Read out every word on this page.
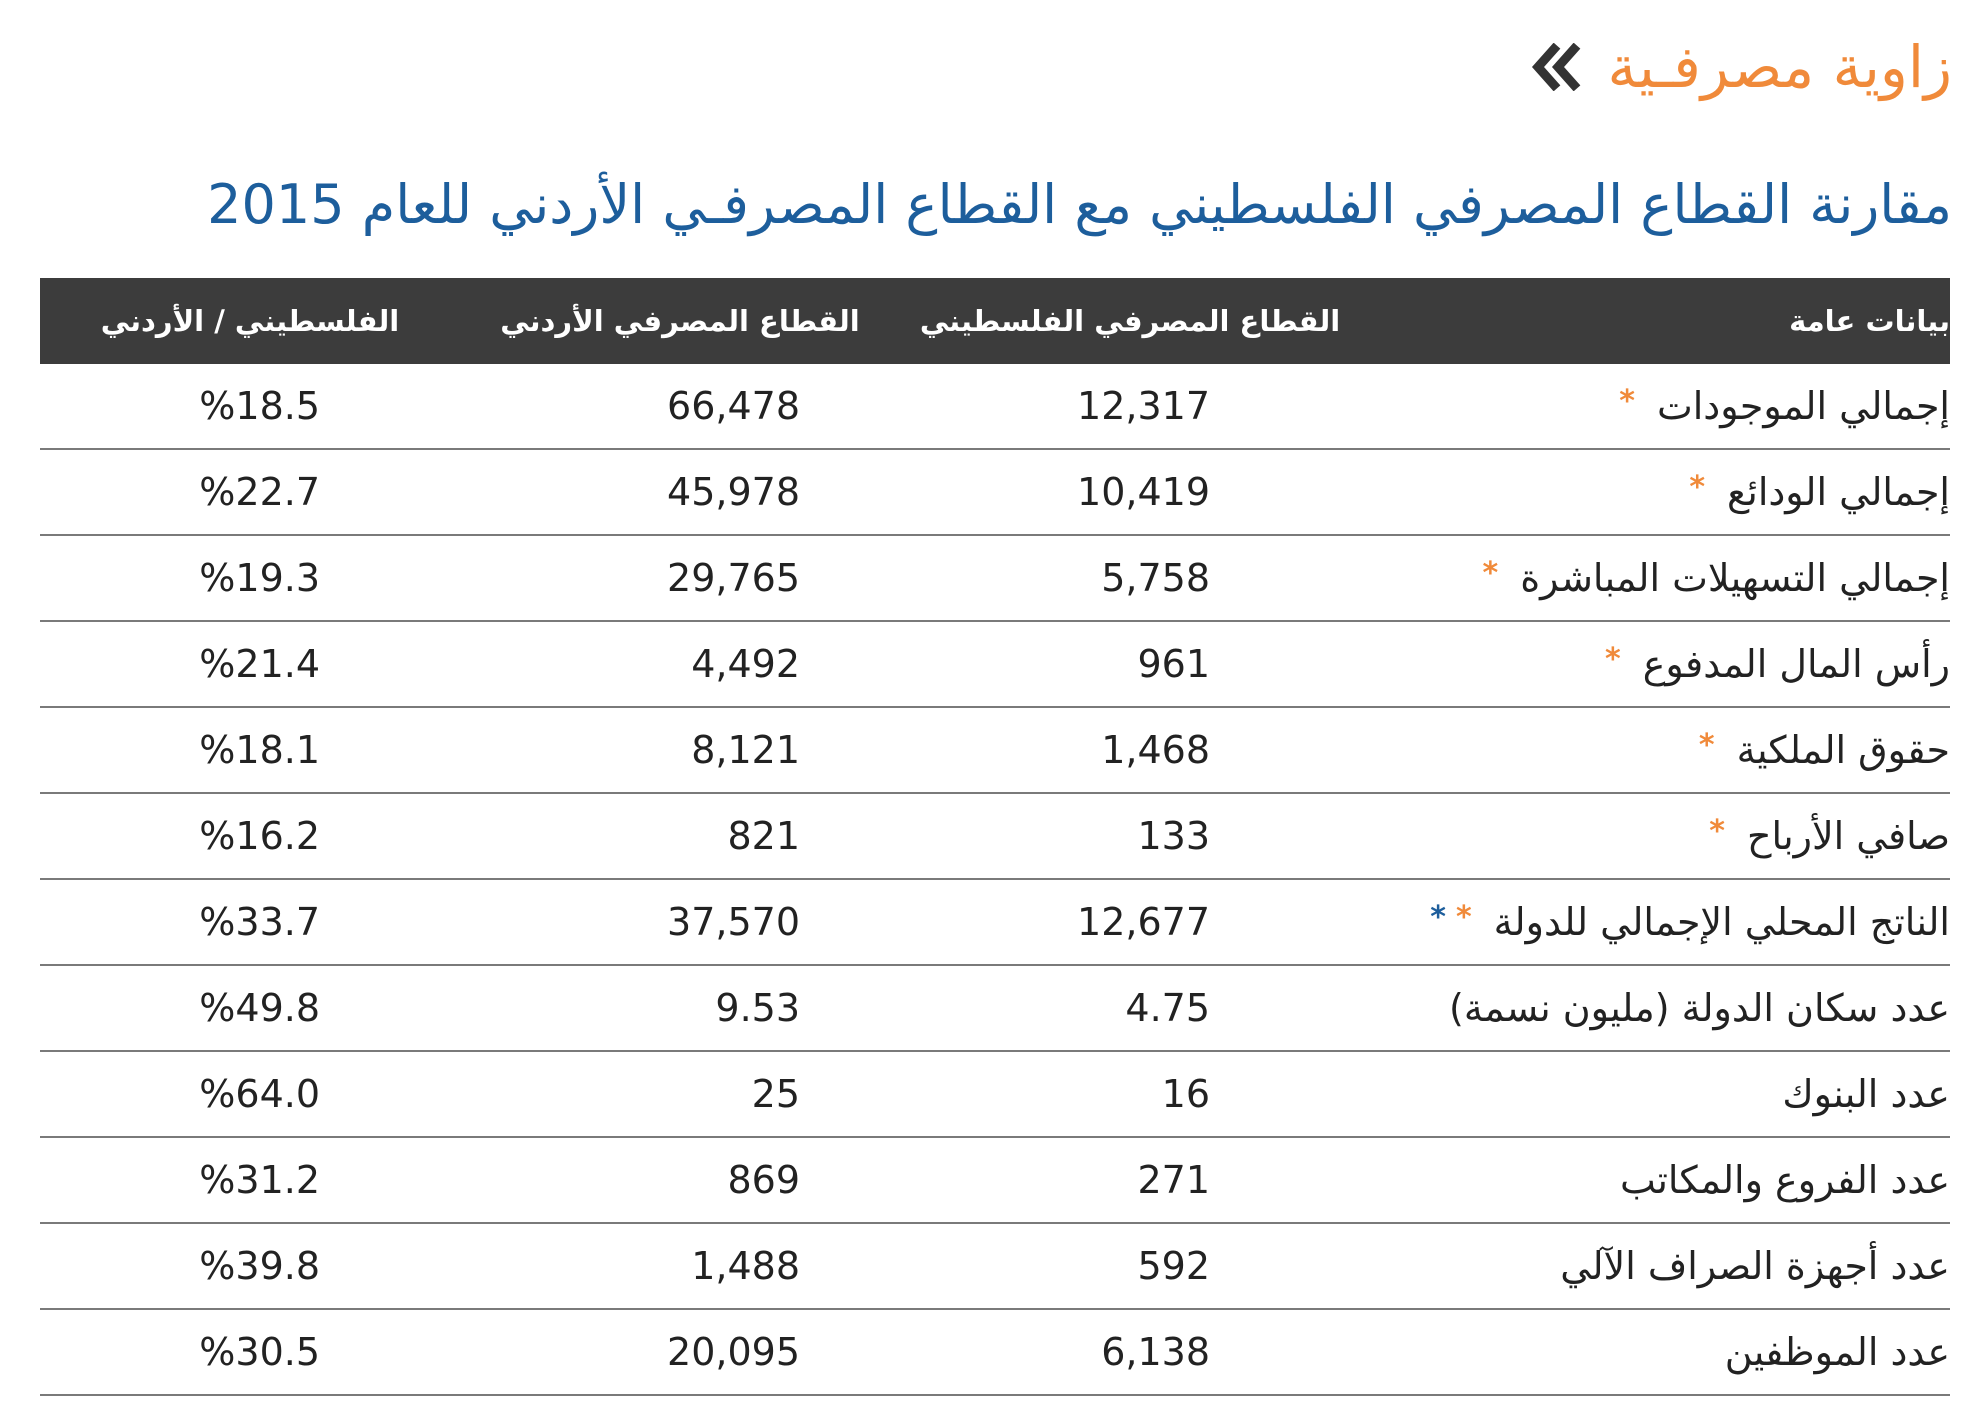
زاوية مصرفـية
مقارنة القطاع المصرفي الفلسطيني مع القطاع المصرفـي الأردني للعام 2015
بيانات عامة	القطاع المصرفي الفلسطيني	القطاع المصرفي الأردني	الفلسطيني / الأردني
إجمالي الموجودات*	12,317	66,478	%18.5
إجمالي الودائع*	10,419	45,978	%22.7
إجمالي التسهيلات المباشرة*	5,758	29,765	%19.3
رأس المال المدفوع*	961	4,492	%21.4
حقوق الملكية*	1,468	8,121	%18.1
صافي الأرباح*	133	821	%16.2
الناتج المحلي الإجمالي للدولة**	12,677	37,570	%33.7
عدد سكان الدولة (مليون نسمة)	4.75	9.53	%49.8
عدد البنوك	16	25	%64.0
عدد الفروع والمكاتب	271	869	%31.2
عدد أجهزة الصراف الآلي	592	1,488	%39.8
عدد الموظفين	6,138	20,095	%30.5
